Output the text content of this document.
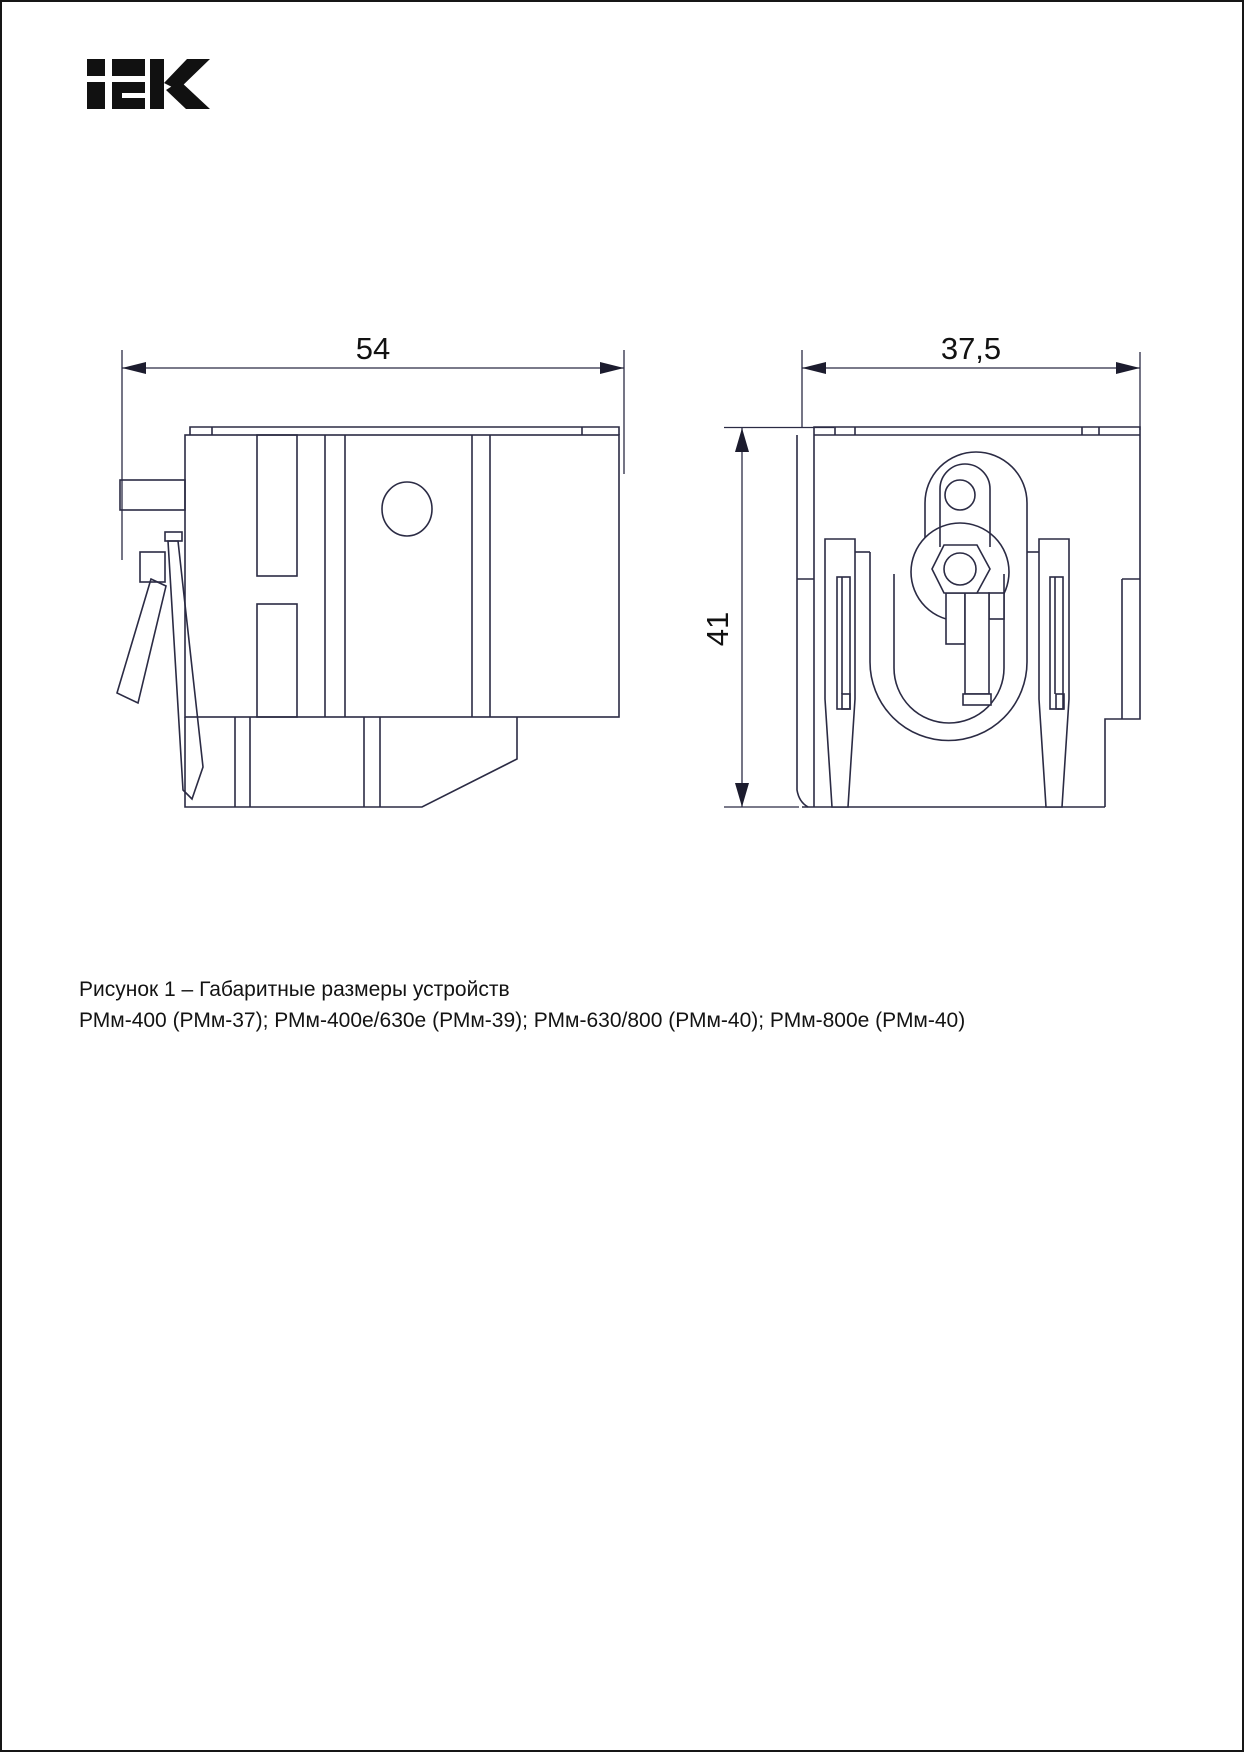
54	37,5
41
Рисунок 1 – Габаритные размеры устройств
РМм-400 (РМм-37); РМм-400е/630е (РМм-39); РМм-630/800 (РМм-40); РМм-800е (РМм-40)
